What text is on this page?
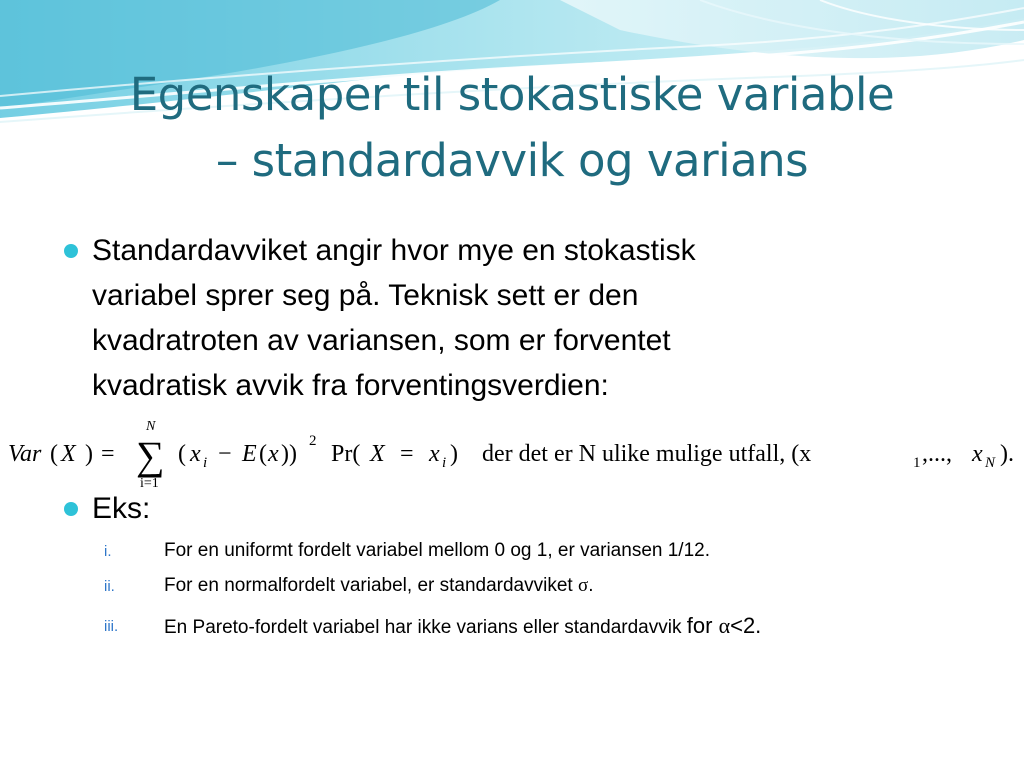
Egenskaper til stokastiske variable
– standardavvik og varians
Standardavviket angir hvor mye en stokastisk
variabel sprer seg på. Teknisk sett er den
kvadratroten av variansen, som er forventet
kvadratisk avvik fra forventingsverdien:
Var ( X ) =
N
∑
i=1
( x i − E ( x )) 2 Pr( X = x i ) der det er N ulike mulige utfall, (x	1 ,..., x N ).
Eks:
i.	For en uniformt fordelt variabel mellom 0 og 1, er variansen 1/12.
ii.	For en normalfordelt variabel, er standardavviket σ.
iii. En Pareto-fordelt variabel har ikke varians eller standardavvik for α<2.
